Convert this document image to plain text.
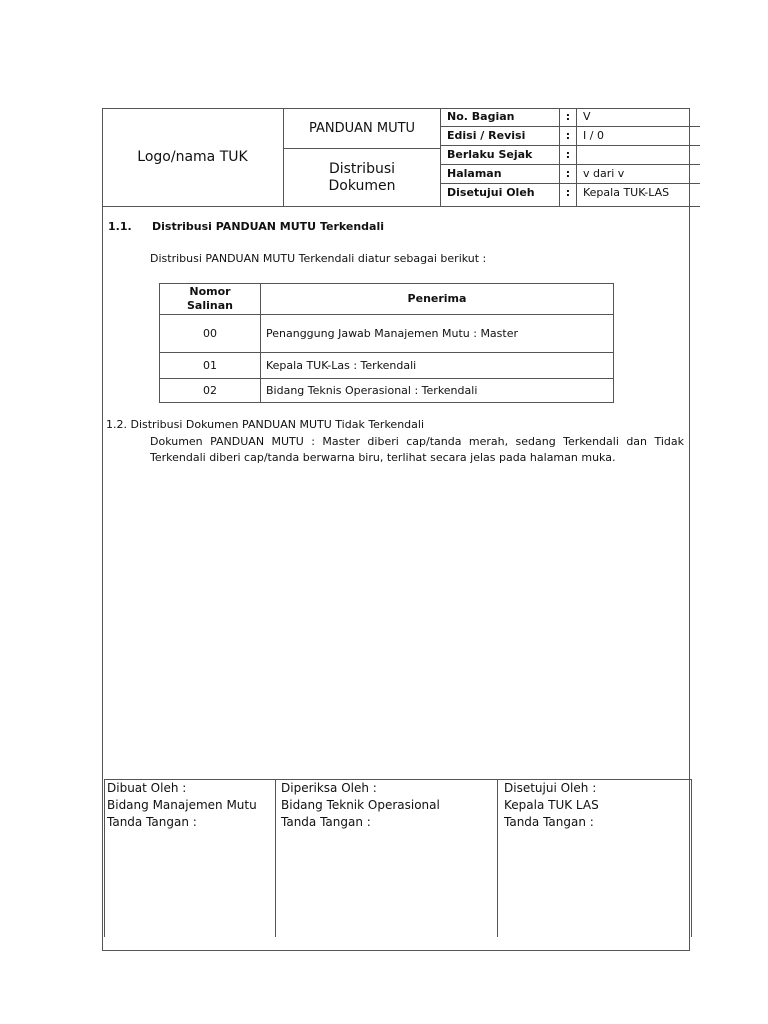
Logo/nama TUK
PANDUAN MUTU
Distribusi
Dokumen
No. Bagian	:	V
Edisi / Revisi	:	I / 0
Berlaku Sejak	:
Halaman	:	v dari v
Disetujui Oleh	:	Kepala TUK-LAS
1.1. Distribusi PANDUAN MUTU Terkendali
Distribusi PANDUAN MUTU Terkendali diatur sebagai berikut :
Nomor
Salinan	Penerima
00	Penanggung Jawab Manajemen Mutu : Master
01	Kepala TUK-Las : Terkendali
02	Bidang Teknis Operasional : Terkendali
1.2. Distribusi Dokumen PANDUAN MUTU Tidak Terkendali
Dokumen PANDUAN MUTU : Master diberi cap/tanda merah, sedang Terkendali dan Tidak Terkendali diberi cap/tanda berwarna biru, terlihat secara jelas pada halaman muka.
Dibuat Oleh :
Bidang Manajemen Mutu
Tanda Tangan :
Diperiksa Oleh :
Bidang Teknik Operasional
Tanda Tangan :
Disetujui Oleh :
Kepala TUK LAS
Tanda Tangan :
